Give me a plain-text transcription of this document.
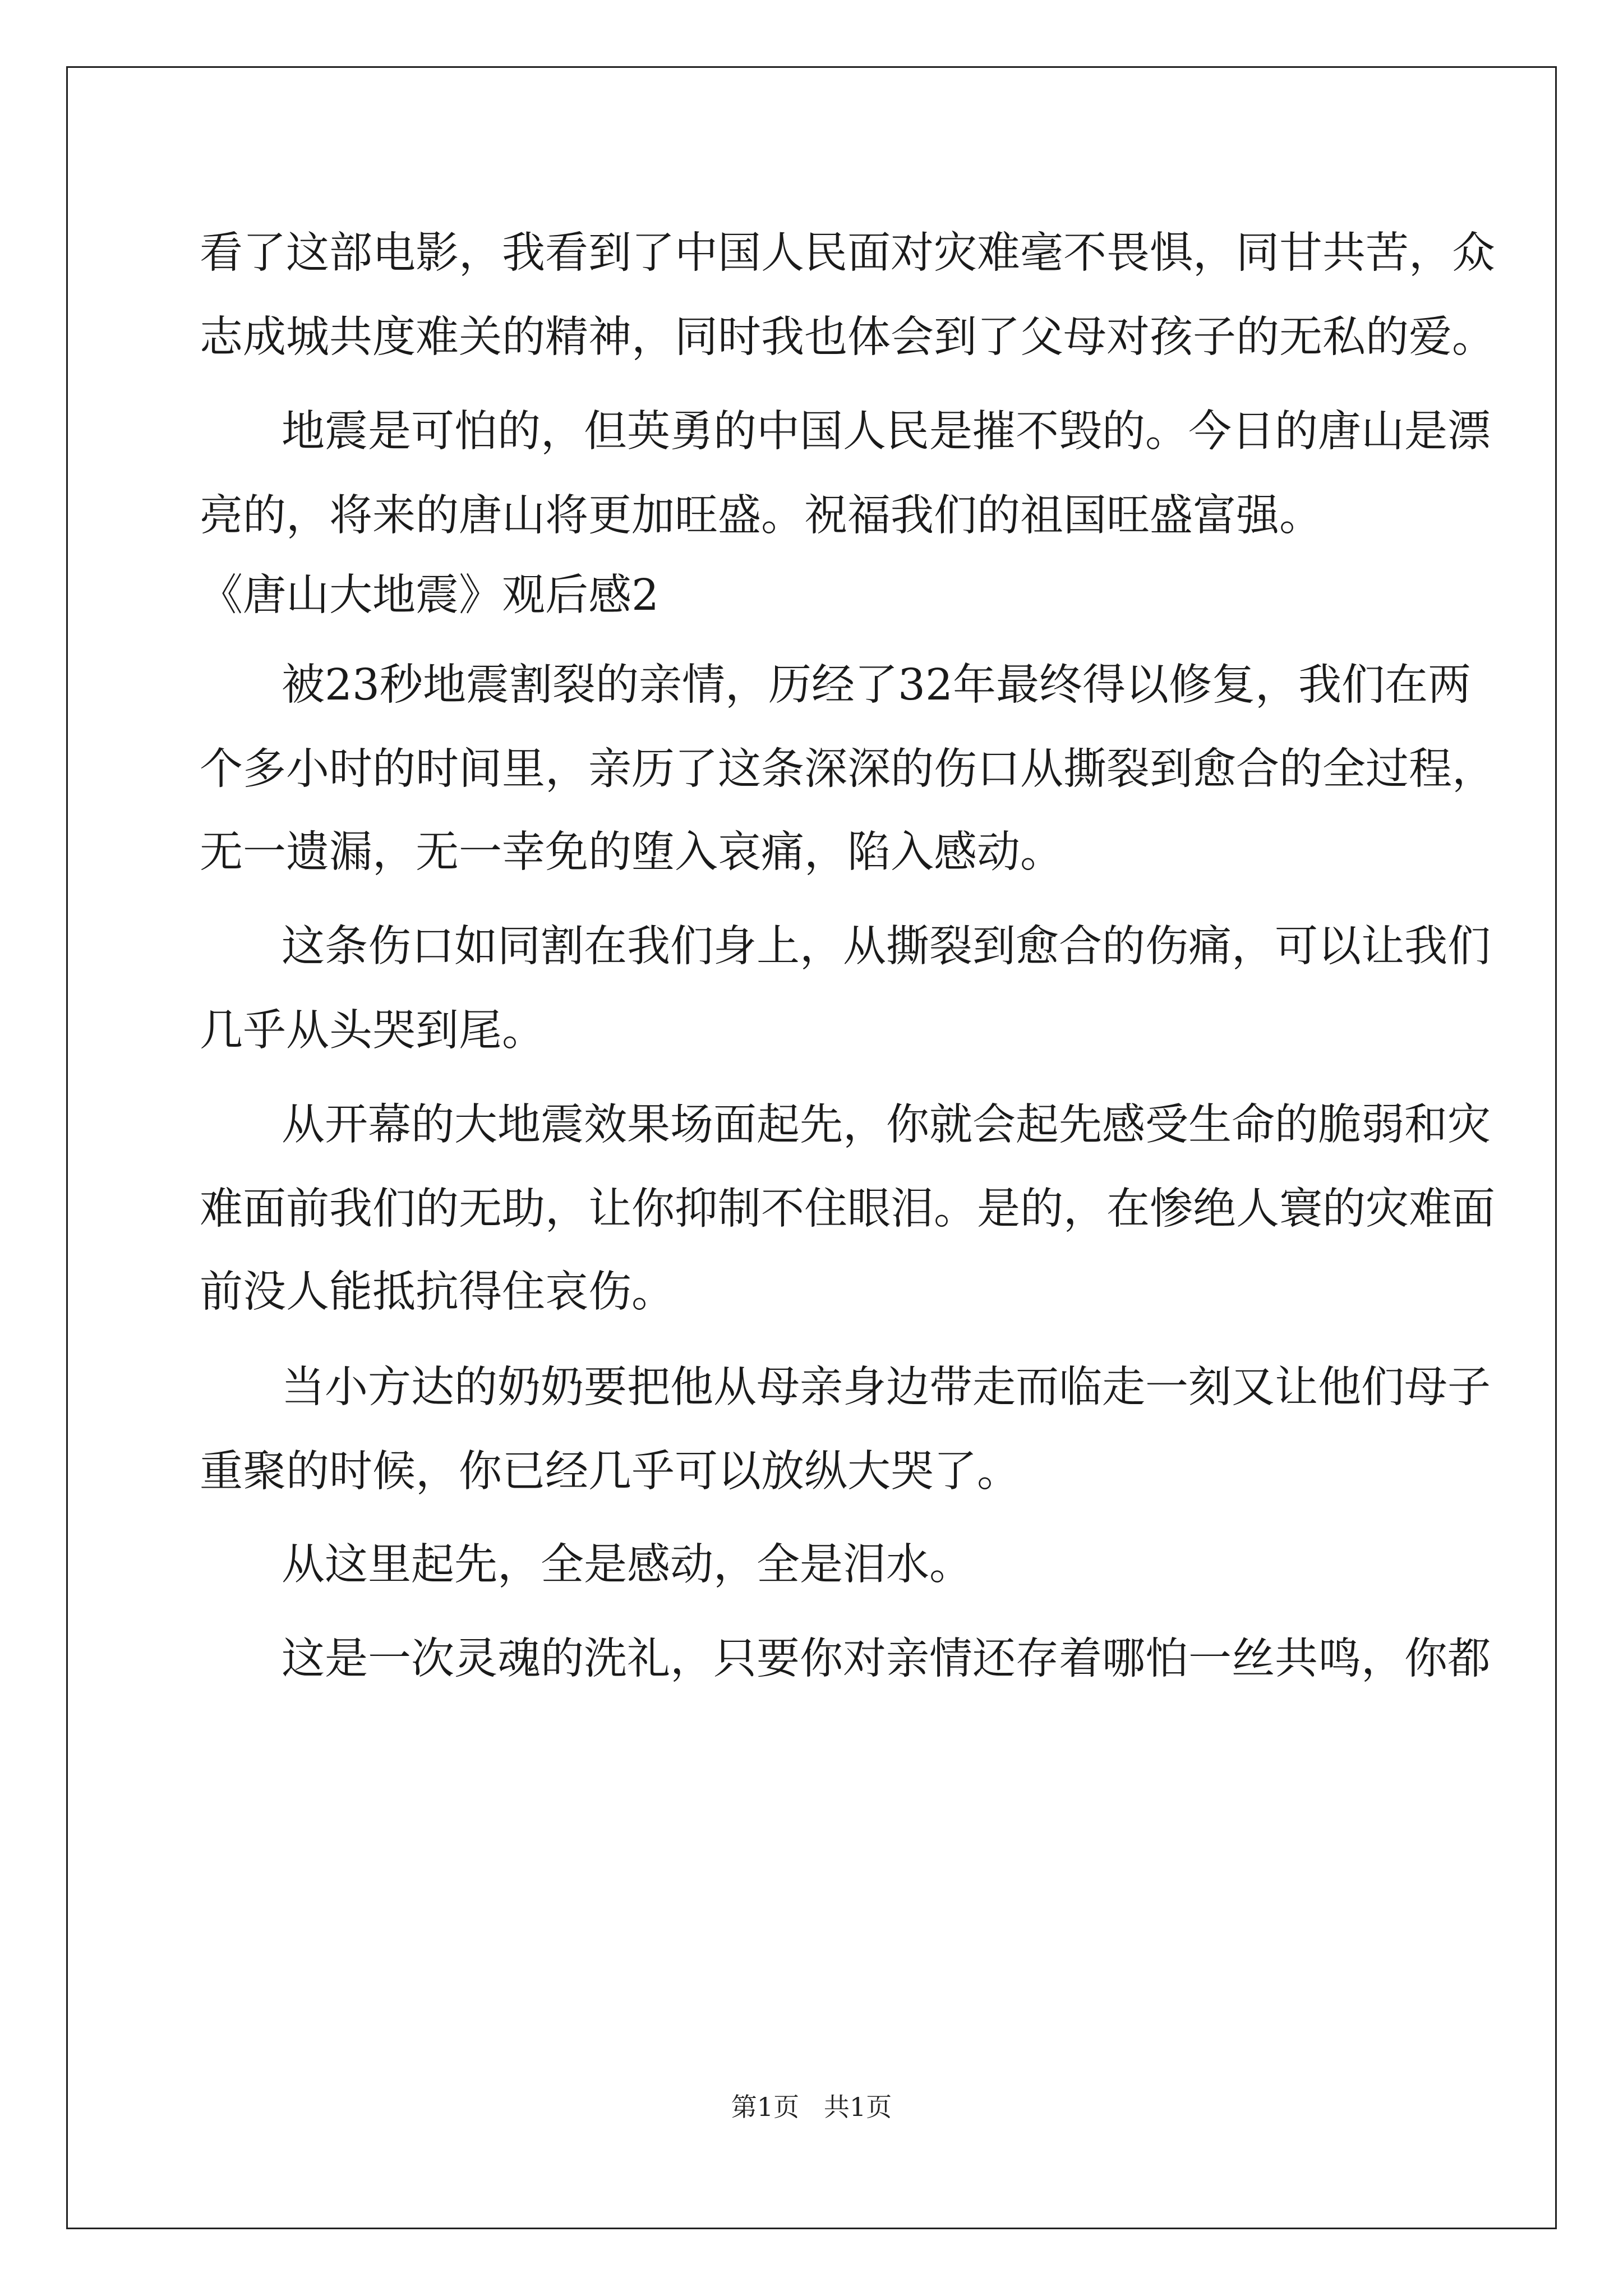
看了这部电影，我看到了中国人民面对灾难毫不畏惧，同甘共苦，众
志成城共度难关的精神，同时我也体会到了父母对孩子的无私的爱。
地震是可怕的，但英勇的中国人民是摧不毁的。今日的唐山是漂
亮的，将来的唐山将更加旺盛。祝福我们的祖国旺盛富强。
《唐山大地震》观后感2
被23秒地震割裂的亲情，历经了32年最终得以修复，我们在两
个多小时的时间里，亲历了这条深深的伤口从撕裂到愈合的全过程，
无一遗漏，无一幸免的堕入哀痛，陷入感动。
这条伤口如同割在我们身上，从撕裂到愈合的伤痛，可以让我们
几乎从头哭到尾。
从开幕的大地震效果场面起先，你就会起先感受生命的脆弱和灾
难面前我们的无助，让你抑制不住眼泪。是的，在惨绝人寰的灾难面
前没人能抵抗得住哀伤。
当小方达的奶奶要把他从母亲身边带走而临走一刻又让他们母子
重聚的时候，你已经几乎可以放纵大哭了。
从这里起先，全是感动，全是泪水。
这是一次灵魂的洗礼，只要你对亲情还存着哪怕一丝共鸣，你都
第1页   共1页
